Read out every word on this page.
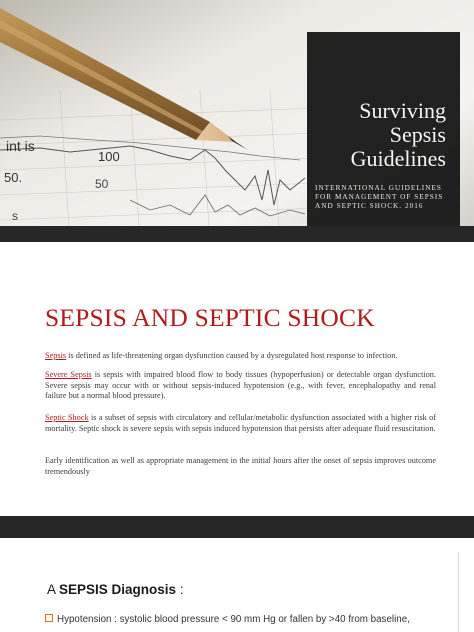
int is
100
50
50.
s
Surviving
Sepsis
Guidelines
INTERNATIONAL GUIDELINES FOR MANAGEMENT OF SEPSIS AND SEPTIC SHOCK. 2016
SEPSIS AND SEPTIC SHOCK
Sepsis is defined as life-threatening organ dysfunction caused by a dysregulated host response to infection.
Severe Sepsis is sepsis with impaired blood flow to body tissues (hypoperfusion) or detectable organ dysfunction. Severe sepsis may occur with or without sepsis-induced hypotension (e.g., with fever, encephalopathy and renal failure but a normal blood pressure).
Septic Shock is a subset of sepsis with circulatory and cellular/metabolic dysfunction associated with a higher risk of mortality. Septic shock is severe sepsis with sepsis induced hypotension that persists after adequate fluid resuscitation.
Early identification as well as appropriate management in the initial hours after the onset of sepsis improves outcome tremendously
A SEPSIS Diagnosis :
Hypotension : systolic blood pressure < 90 mm Hg or fallen by >40 from baseline,
